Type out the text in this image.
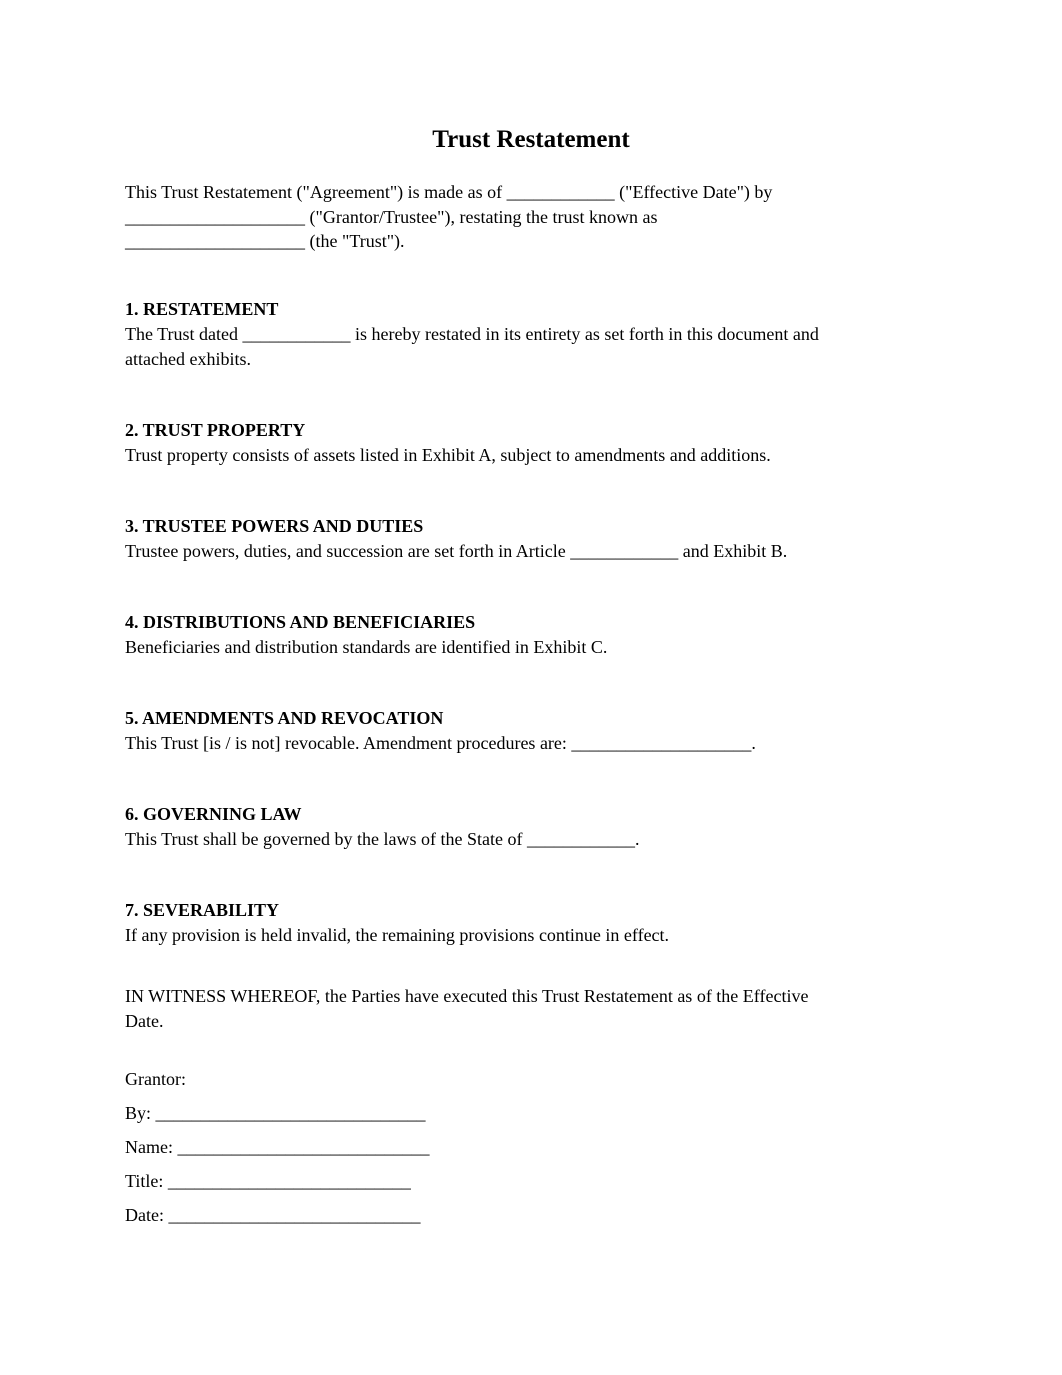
Trust Restatement
This Trust Restatement ("Agreement") is made as of ____________ ("Effective Date") by
____________________ ("Grantor/Trustee"), restating the trust known as
____________________ (the "Trust").
1. RESTATEMENT
The Trust dated ____________ is hereby restated in its entirety as set forth in this document and
attached exhibits.
2. TRUST PROPERTY
Trust property consists of assets listed in Exhibit A, subject to amendments and additions.
3. TRUSTEE POWERS AND DUTIES
Trustee powers, duties, and succession are set forth in Article ____________ and Exhibit B.
4. DISTRIBUTIONS AND BENEFICIARIES
Beneficiaries and distribution standards are identified in Exhibit C.
5. AMENDMENTS AND REVOCATION
This Trust [is / is not] revocable. Amendment procedures are: ____________________.
6. GOVERNING LAW
This Trust shall be governed by the laws of the State of ____________.
7. SEVERABILITY
If any provision is held invalid, the remaining provisions continue in effect.
IN WITNESS WHEREOF, the Parties have executed this Trust Restatement as of the Effective
Date.
Grantor:
By: ______________________________
Name: ____________________________
Title: ___________________________
Date: ____________________________
